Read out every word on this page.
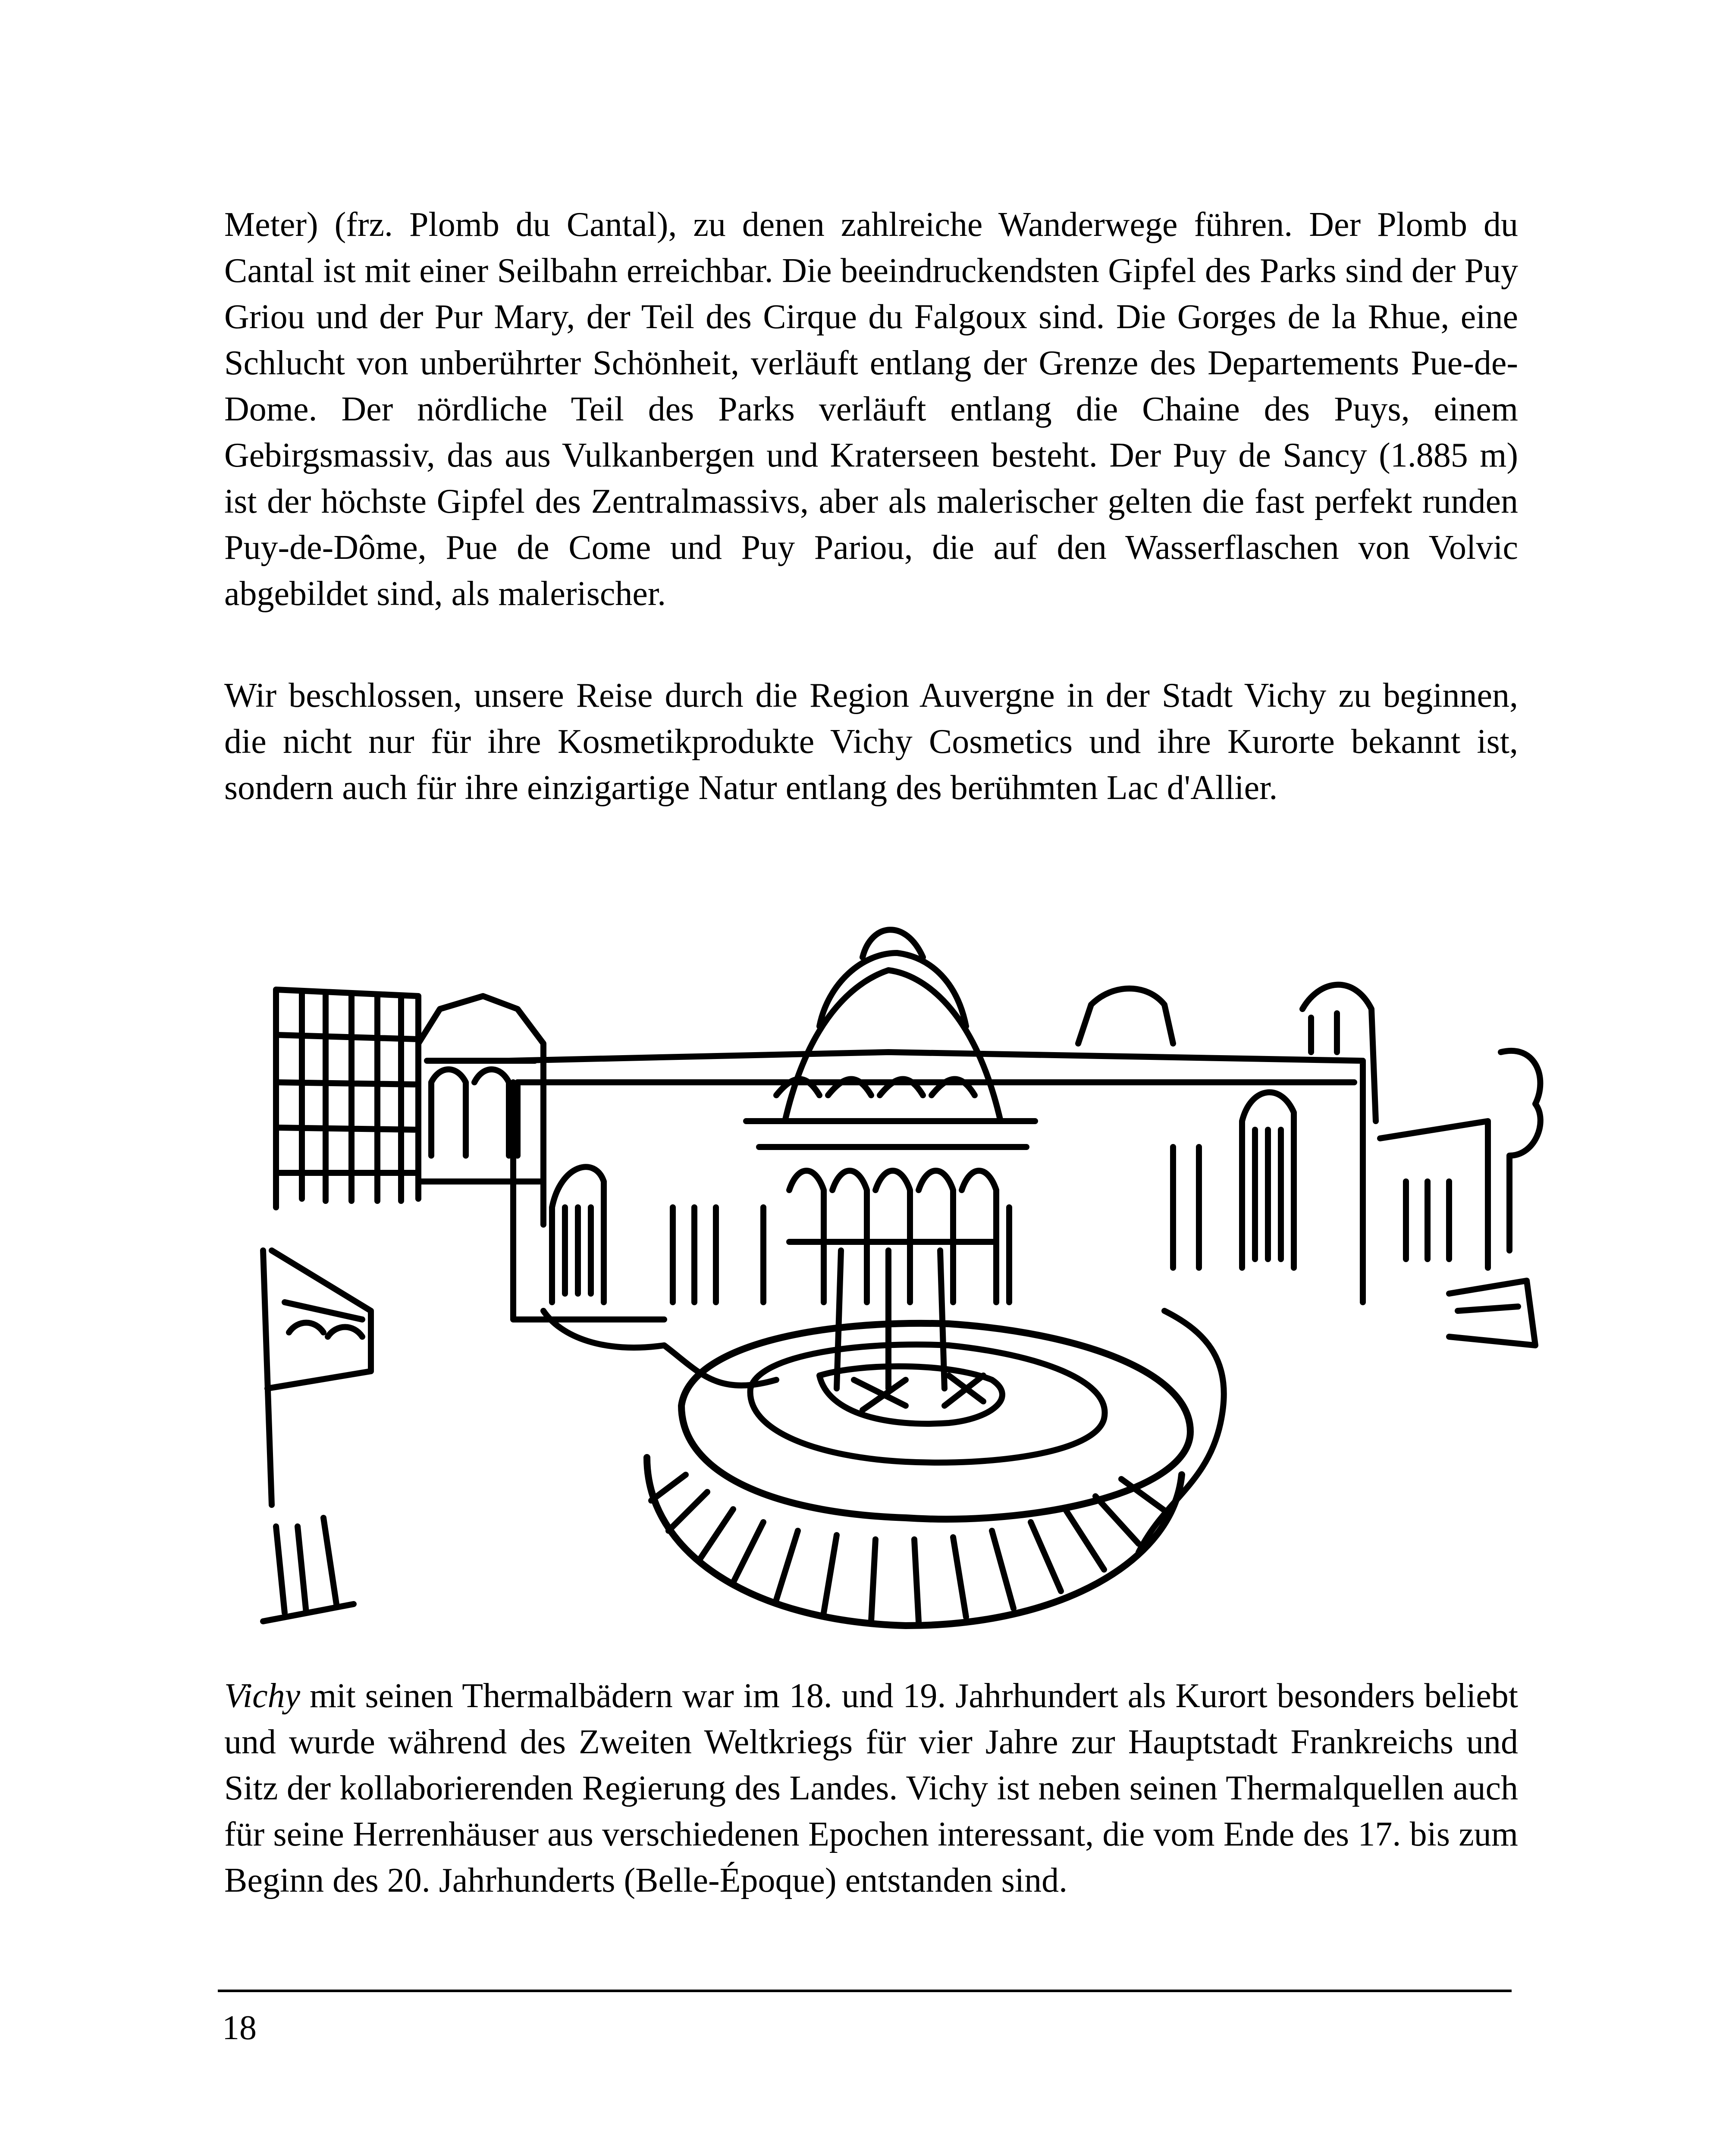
Meter) (frz. Plomb du Cantal), zu denen zahlreiche Wanderwege führen. Der Plomb du Cantal ist mit einer Seilbahn erreichbar. Die beeindruckendsten Gipfel des Parks sind der Puy Griou und der Pur Mary, der Teil des Cirque du Falgoux sind. Die Gorges de la Rhue, eine Schlucht von unberührter Schönheit, verläuft entlang der Grenze des Departements Pue-de-Dome. Der nördliche Teil des Parks verläuft entlang die Chaine des Puys, einem Gebirgsmassiv, das aus Vulkanbergen und Kraterseen besteht. Der Puy de Sancy (1.885 m) ist der höchste Gipfel des Zentralmassivs, aber als malerischer gelten die fast perfekt runden Puy-de-Dôme, Pue de Come und Puy Pariou, die auf den Wasserflaschen von Volvic abgebildet sind, als malerischer.

Wir beschlossen, unsere Reise durch die Region Auvergne in der Stadt Vichy zu beginnen, die nicht nur für ihre Kosmetikprodukte Vichy Cosmetics und ihre Kurorte bekannt ist, sondern auch für ihre einzigartige Natur entlang des berühmten Lac d'Allier.

Vichy mit seinen Thermalbädern war im 18. und 19. Jahrhundert als Kurort besonders beliebt und wurde während des Zweiten Weltkriegs für vier Jahre zur Hauptstadt Frankreichs und Sitz der kollaborierenden Regierung des Landes. Vichy ist neben seinen Thermalquellen auch für seine Herrenhäuser aus verschiedenen Epochen interessant, die vom Ende des 17. bis zum Beginn des 20. Jahrhunderts (Belle-Époque) entstanden sind.

18
